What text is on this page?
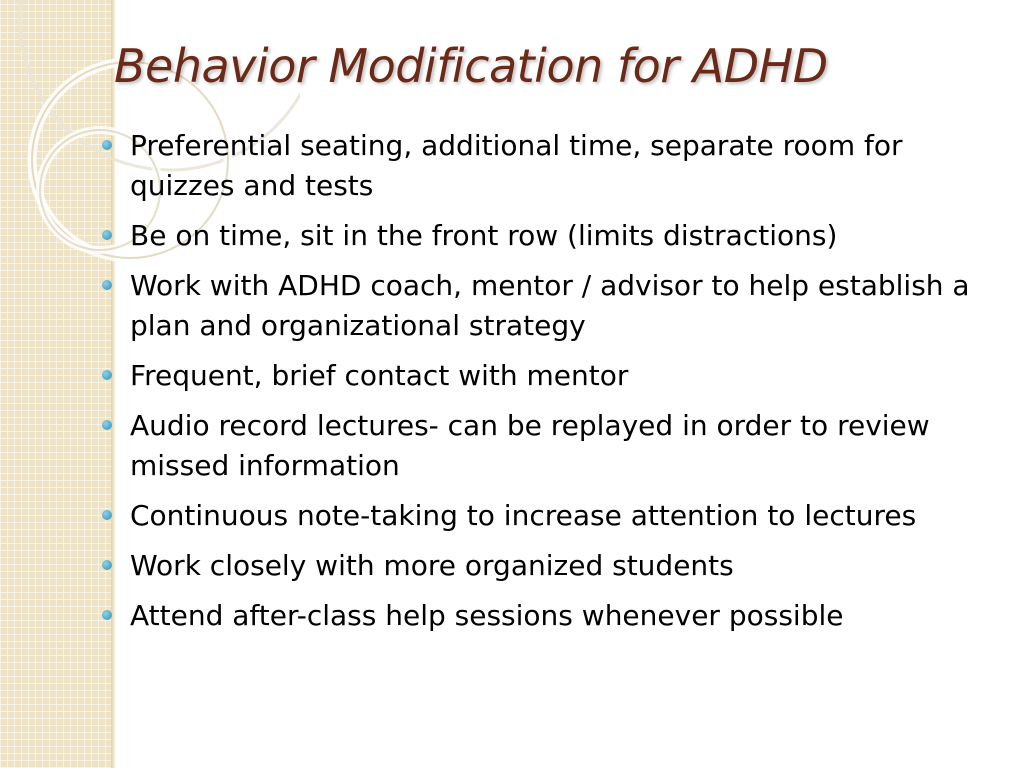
Behavior Modification for ADHD
Preferential seating, additional time, separate room for quizzes and tests
Be on time, sit in the front row (limits distractions)
Work with ADHD coach, mentor / advisor to help establish a plan and organizational strategy
Frequent, brief contact with mentor
Audio record lectures- can be replayed in order to review missed information
Continuous note-taking to increase attention to lectures
Work closely with more organized students
Attend after-class help sessions whenever possible
